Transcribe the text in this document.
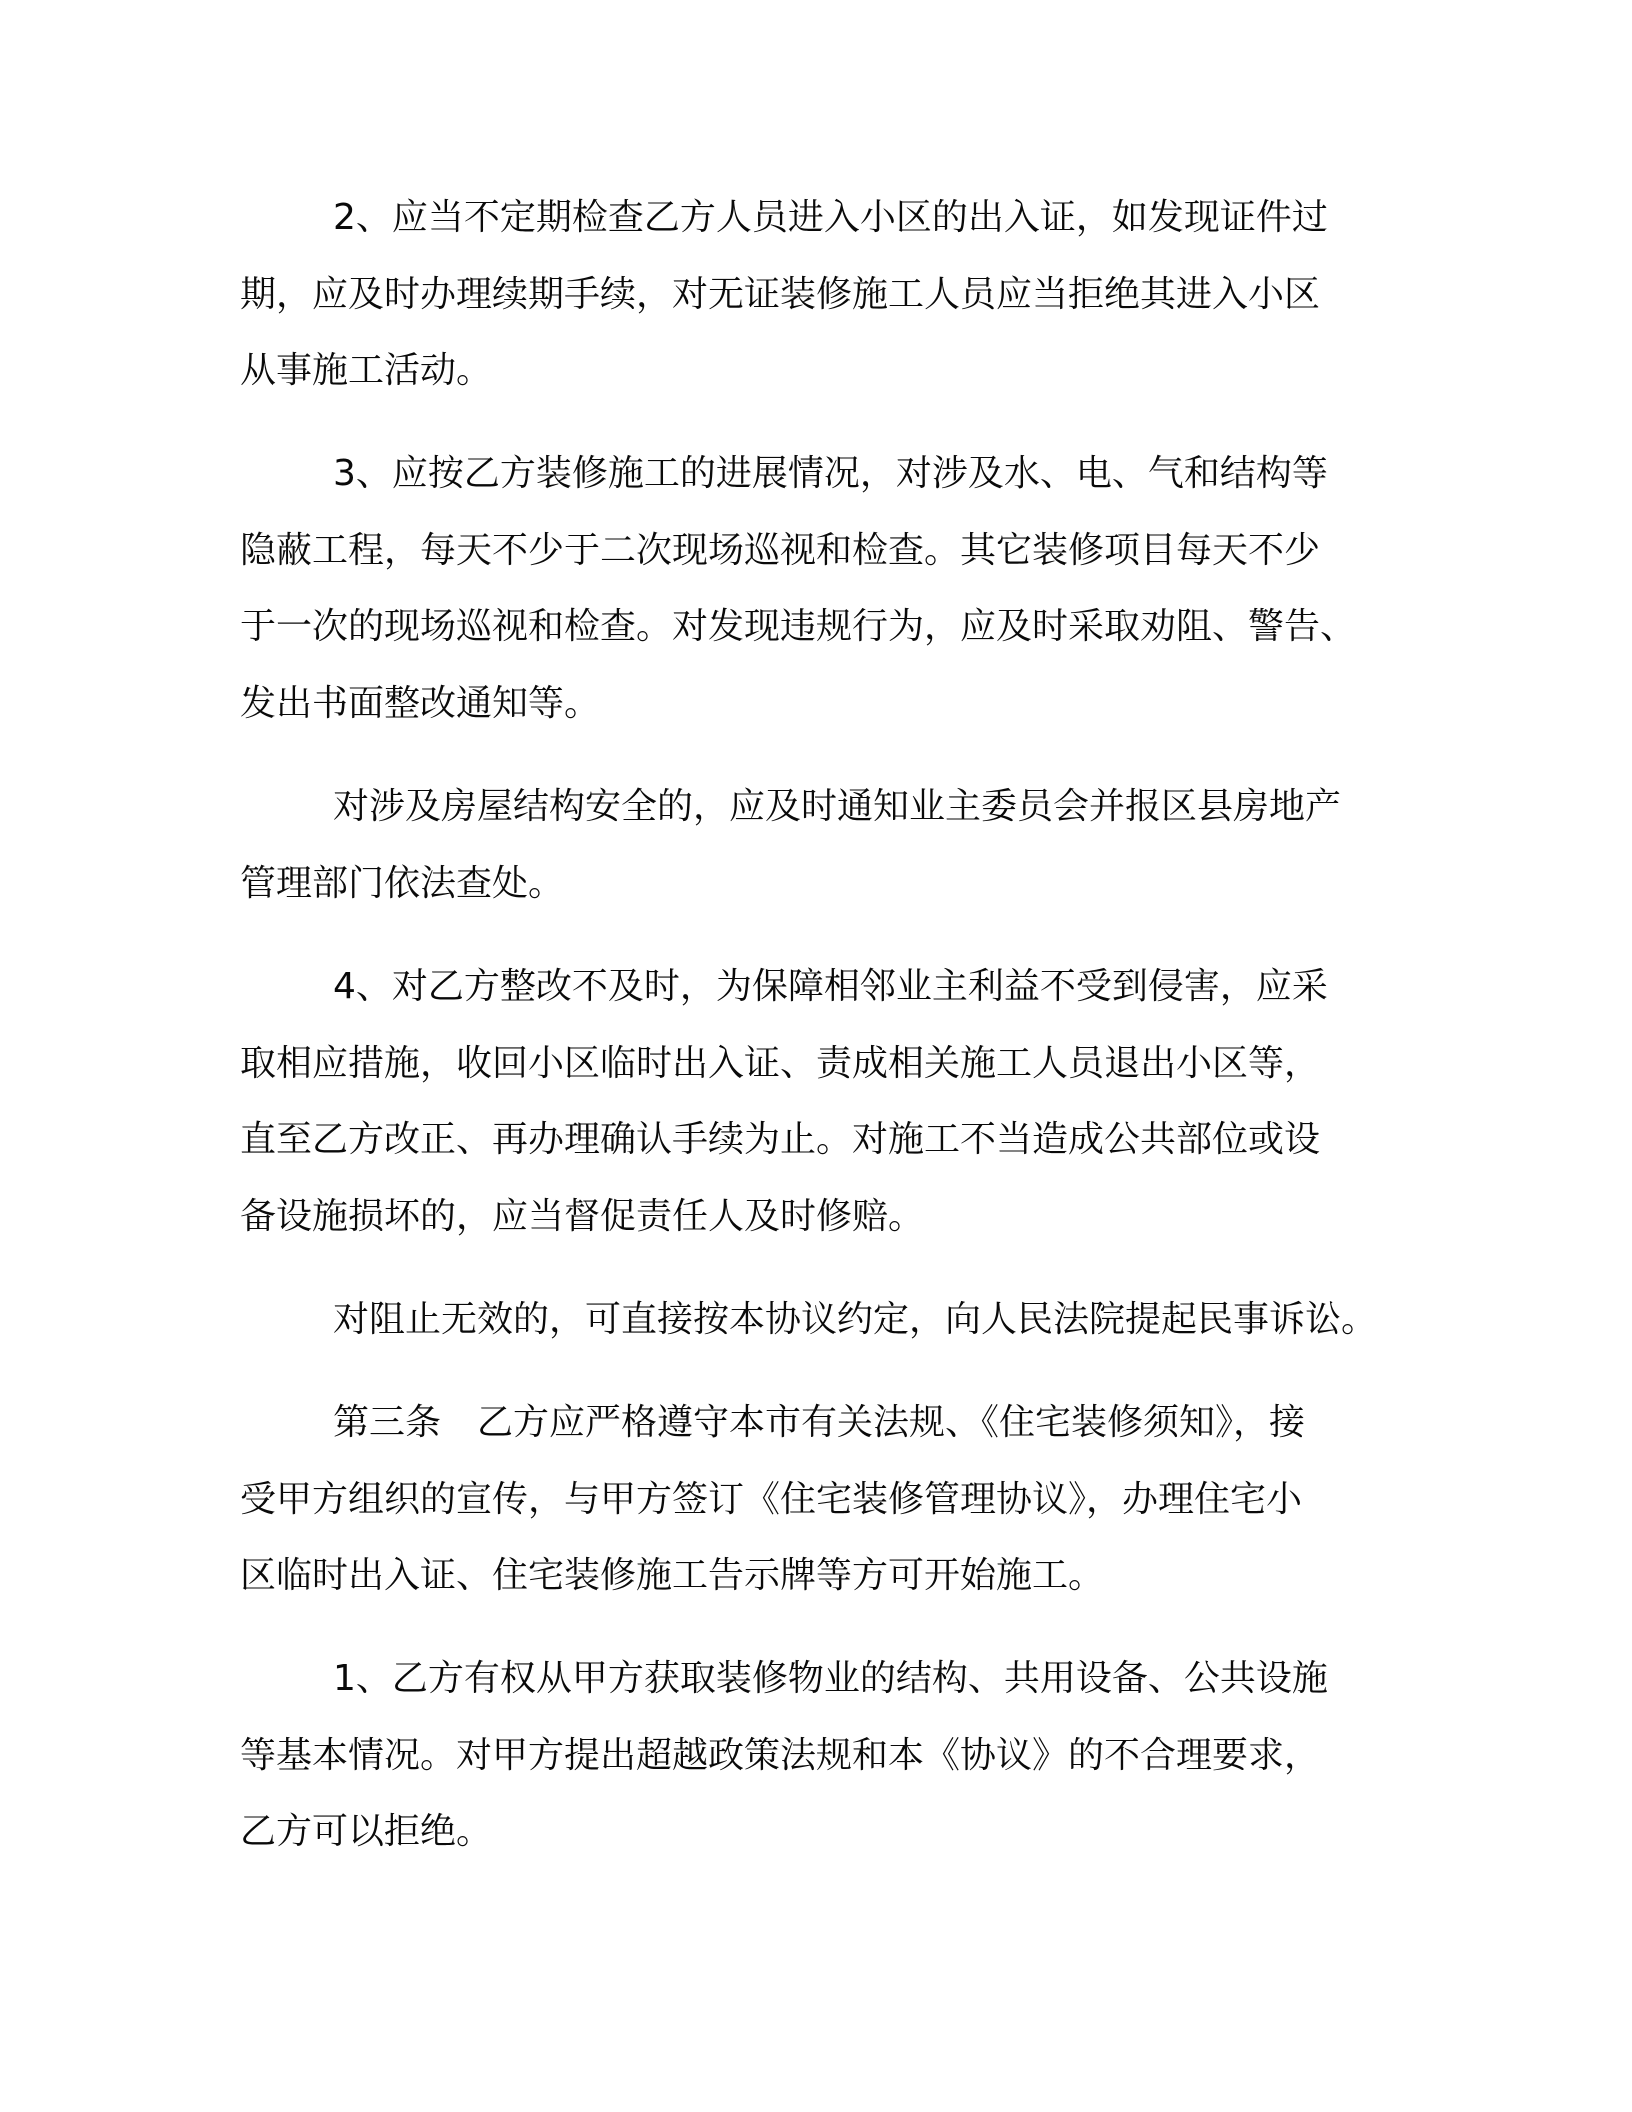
2、应当不定期检查乙方人员进入小区的出入证，如发现证件过

期，应及时办理续期手续，对无证装修施工人员应当拒绝其进入小区

从事施工活动。

3、应按乙方装修施工的进展情况，对涉及水、电、气和结构等

隐蔽工程，每天不少于二次现场巡视和检查。其它装修项目每天不少

于一次的现场巡视和检查。对发现违规行为，应及时采取劝阻、警告、

发出书面整改通知等。

对涉及房屋结构安全的，应及时通知业主委员会并报区县房地产

管理部门依法查处。

4、对乙方整改不及时，为保障相邻业主利益不受到侵害，应采

取相应措施，收回小区临时出入证、责成相关施工人员退出小区等，

直至乙方改正、再办理确认手续为止。对施工不当造成公共部位或设

备设施损坏的，应当督促责任人及时修赔。

对阻止无效的，可直接按本协议约定，向人民法院提起民事诉讼。

第三条　乙方应严格遵守本市有关法规、《住宅装修须知》，接

受甲方组织的宣传，与甲方签订《住宅装修管理协议》，办理住宅小

区临时出入证、住宅装修施工告示牌等方可开始施工。

1、乙方有权从甲方获取装修物业的结构、共用设备、公共设施

等基本情况。对甲方提出超越政策法规和本《协议》的不合理要求，

乙方可以拒绝。
